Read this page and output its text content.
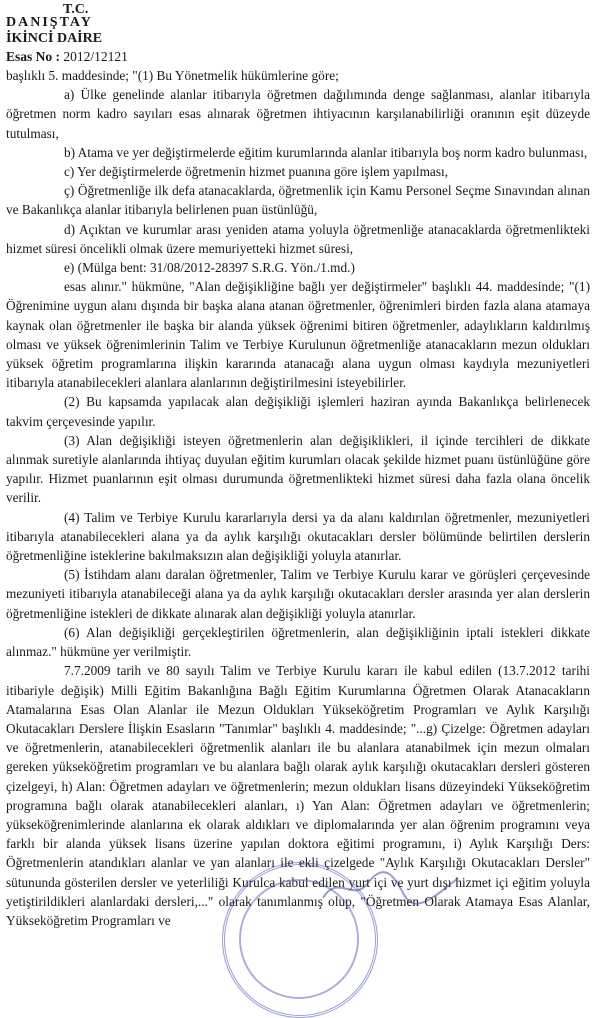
T.C.
DANIŞTAY
İKİNCİ DAİRE
Esas No : 2012/12121

başlıklı 5. maddesinde; "(1) Bu Yönetmelik hükümlerine göre;

a) Ülke genelinde alanlar itibarıyla öğretmen dağılımında denge sağlanması, alanlar itibarıyla öğretmen norm kadro sayıları esas alınarak öğretmen ihtiyacının karşılanabilirliği oranının eşit düzeyde tutulması,

b) Atama ve yer değiştirmelerde eğitim kurumlarında alanlar itibarıyla boş norm kadro bulunması,

c) Yer değiştirmelerde öğretmenin hizmet puanına göre işlem yapılması,

ç) Öğretmenliğe ilk defa atanacaklarda, öğretmenlik için Kamu Personel Seçme Sınavından alınan ve Bakanlıkça alanlar itibarıyla belirlenen puan üstünlüğü,

d) Açıktan ve kurumlar arası yeniden atama yoluyla öğretmenliğe atanacaklarda öğretmenlikteki hizmet süresi öncelikli olmak üzere memuriyetteki hizmet süresi,

e) (Mülga bent: 31/08/2012-28397 S.R.G. Yön./1.md.)

esas alınır." hükmüne, "Alan değişikliğine bağlı yer değiştirmeler" başlıklı 44. maddesinde; "(1) Öğrenimine uygun alanı dışında bir başka alana atanan öğretmenler, öğrenimleri birden fazla alana atamaya kaynak olan öğretmenler ile başka bir alanda yüksek öğrenimi bitiren öğretmenler, adaylıkların kaldırılmış olması ve yüksek öğrenimlerinin Talim ve Terbiye Kurulunun öğretmenliğe atanacakların mezun oldukları yüksek öğretim programlarına ilişkin kararında atanacağı alana uygun olması kaydıyla mezuniyetleri itibarıyla atanabilecekleri alanlara alanlarının değiştirilmesini isteyebilirler.

(2) Bu kapsamda yapılacak alan değişikliği işlemleri haziran ayında Bakanlıkça belirlenecek takvim çerçevesinde yapılır.

(3) Alan değişikliği isteyen öğretmenlerin alan değişiklikleri, il içinde tercihleri de dikkate alınmak suretiyle alanlarında ihtiyaç duyulan eğitim kurumları olacak şekilde hizmet puanı üstünlüğüne göre yapılır. Hizmet puanlarının eşit olması durumunda öğretmenlikteki hizmet süresi daha fazla olana öncelik verilir.

(4) Talim ve Terbiye Kurulu kararlarıyla dersi ya da alanı kaldırılan öğretmenler, mezuniyetleri itibarıyla atanabilecekleri alana ya da aylık karşılığı okutacakları dersler bölümünde belirtilen derslerin öğretmenliğine isteklerine bakılmaksızın alan değişikliği yoluyla atanırlar.

(5) İstihdam alanı daralan öğretmenler, Talim ve Terbiye Kurulu karar ve görüşleri çerçevesinde mezuniyeti itibarıyla atanabileceği alana ya da aylık karşılığı okutacakları dersler arasında yer alan derslerin öğretmenliğine istekleri de dikkate alınarak alan değişikliği yoluyla atanırlar.

(6) Alan değişikliği gerçekleştirilen öğretmenlerin, alan değişikliğinin iptali istekleri dikkate alınmaz." hükmüne yer verilmiştir.

7.7.2009 tarih ve 80 sayılı Talim ve Terbiye Kurulu kararı ile kabul edilen (13.7.2012 tarihi itibariyle değişik) Milli Eğitim Bakanlığına Bağlı Eğitim Kurumlarına Öğretmen Olarak Atanacakların Atamalarına Esas Olan Alanlar ile Mezun Oldukları Yükseköğretim Programları ve Aylık Karşılığı Okutacakları Derslere İlişkin Esasların "Tanımlar" başlıklı 4. maddesinde; "...g) Çizelge: Öğretmen adayları ve öğretmenlerin, atanabilecekleri öğretmenlik alanları ile bu alanlara atanabilmek için mezun olmaları gereken yükseköğretim programları ve bu alanlara bağlı olarak aylık karşılığı okutacakları dersleri gösteren çizelgeyi, h) Alan: Öğretmen adayları ve öğretmenlerin; mezun oldukları lisans düzeyindeki Yükseköğretim programına bağlı olarak atanabilecekleri alanları, ı) Yan Alan: Öğretmen adayları ve öğretmenlerin; yükseköğrenimlerinde alanlarına ek olarak aldıkları ve diplomalarında yer alan öğrenim programını veya farklı bir alanda yüksek lisans üzerine yapılan doktora eğitimi programını, i) Aylık Karşılığı Ders: Öğretmenlerin atandıkları alanlar ve yan alanları ile ekli çizelgede "Aylık Karşılığı Okutacakları Dersler" sütununda gösterilen dersler ve yeterliliği Kurulca kabul edilen yurt içi ve yurt dışı hizmet içi eğitim yoluyla yetiştirildikleri alanlardaki dersleri,..." olarak tanımlanmış olup, "Öğretmen Olarak Atamaya Esas Alanlar, Yükseköğretim Programları ve
